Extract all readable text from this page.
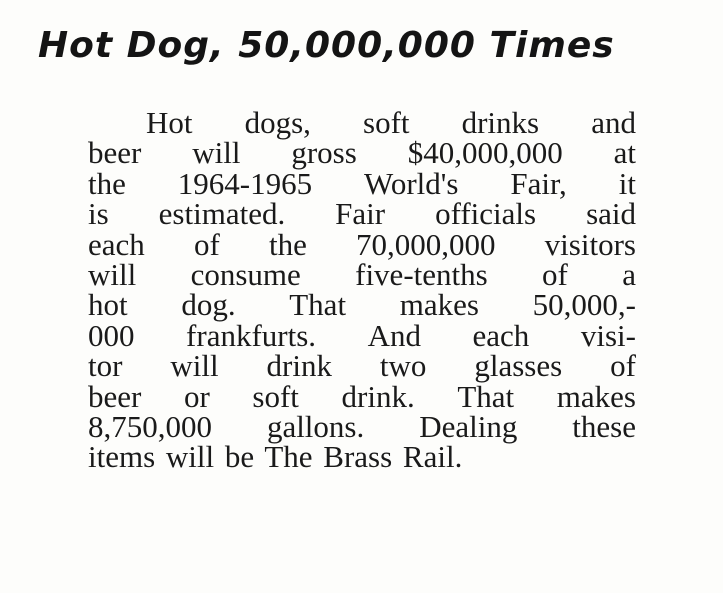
Hot Dog, 50,000,000 Times
Hot dogs, soft drinks and
beer will gross $40,000,000 at
the 1964-1965 World's Fair, it
is estimated. Fair officials said
each of the 70,000,000 visitors
will consume five-tenths of a
hot dog. That makes 50,000,-
000 frankfurts. And each visi-
tor will drink two glasses of
beer or soft drink. That makes
8,750,000 gallons. Dealing these
items will be The Brass Rail.
